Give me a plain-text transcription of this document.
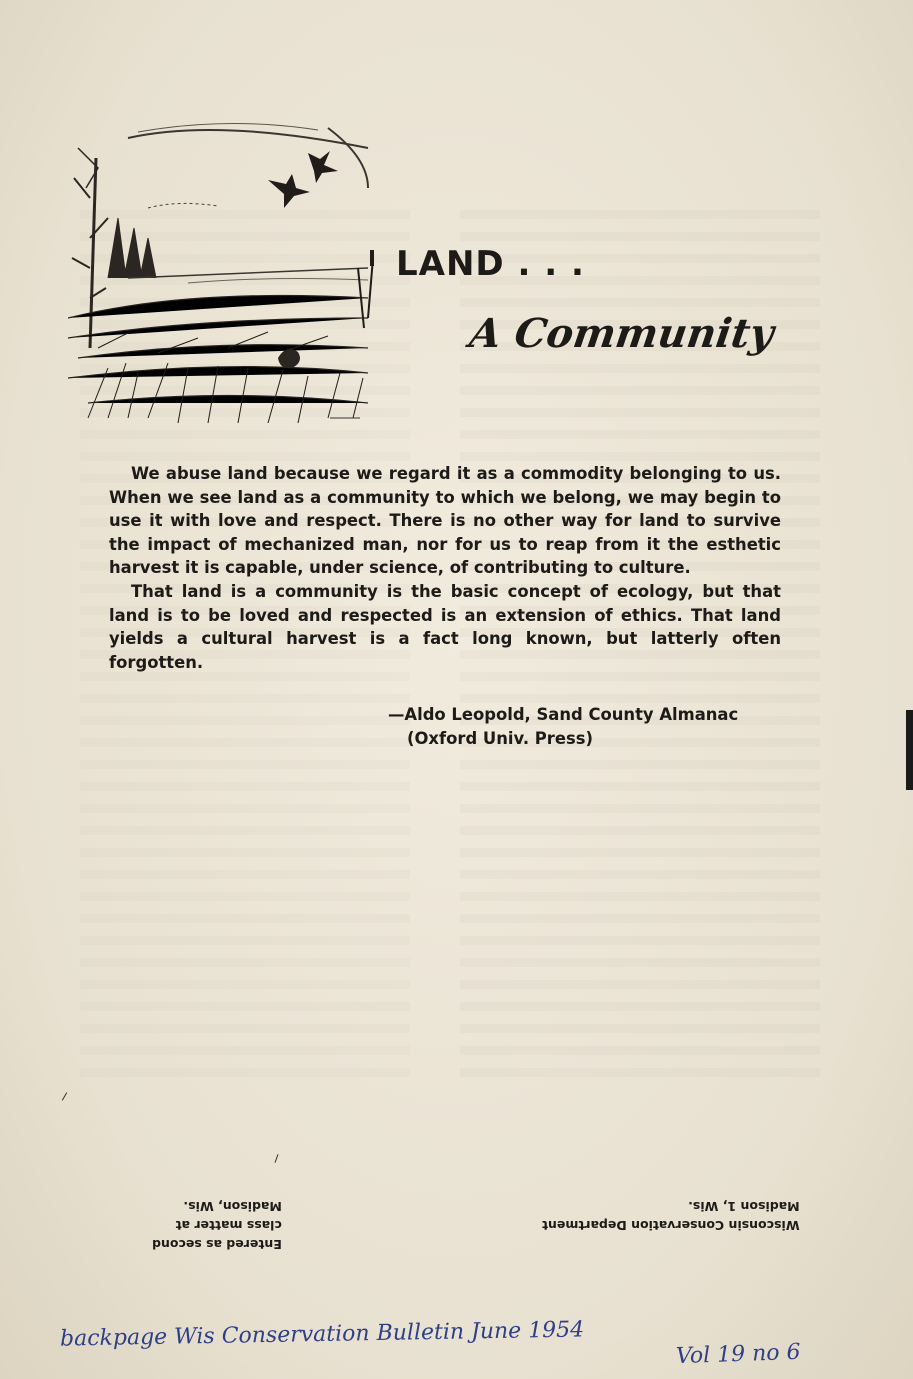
LAND . . .
A Community

We abuse land because we regard it as a commodity belonging to us. When we see land as a community to which we belong, we may begin to use it with love and respect. There is no other way for land to survive the impact of mechanized man, nor for us to reap from it the esthetic harvest it is capable, under science, of contributing to culture.

That land is a community is the basic concept of ecology, but that land is to be loved and respected is an extension of ethics. That land yields a cultural harvest is a fact long known, but latterly often forgotten.

—Aldo Leopold, Sand County Almanac
(Oxford Univ. Press)
Entered as second
class matter at
Madison, Wis.
Wisconsin Conservation Department
Madison 1, Wis.
backpage Wis Conservation Bulletin June 1954
Vol 19 no 6
